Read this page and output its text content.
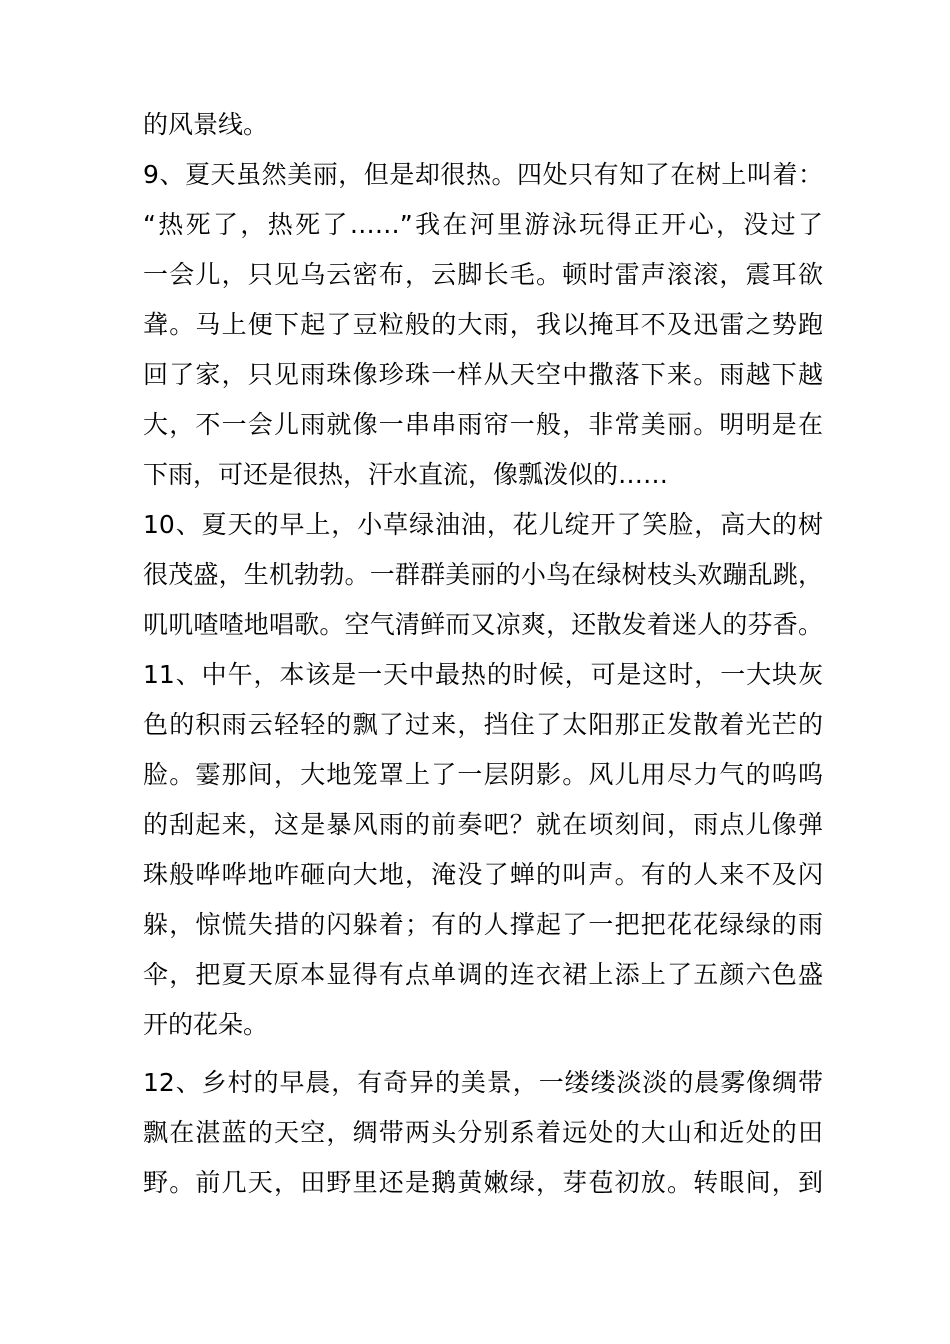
的风景线。
9、夏天虽然美丽，但是却很热。四处只有知了在树上叫着：
“热死了，热死了……”我在河里游泳玩得正开心，没过了
一会儿，只见乌云密布，云脚长毛。顿时雷声滚滚，震耳欲
聋。马上便下起了豆粒般的大雨，我以掩耳不及迅雷之势跑
回了家，只见雨珠像珍珠一样从天空中撒落下来。雨越下越
大，不一会儿雨就像一串串雨帘一般，非常美丽。明明是在
下雨，可还是很热，汗水直流，像瓢泼似的……
10、夏天的早上，小草绿油油，花儿绽开了笑脸，高大的树
很茂盛，生机勃勃。一群群美丽的小鸟在绿树枝头欢蹦乱跳，
叽叽喳喳地唱歌。空气清鲜而又凉爽，还散发着迷人的芬香。
11、中午，本该是一天中最热的时候，可是这时，一大块灰
色的积雨云轻轻的飘了过来，挡住了太阳那正发散着光芒的
脸。霎那间，大地笼罩上了一层阴影。风儿用尽力气的呜呜
的刮起来，这是暴风雨的前奏吧？就在顷刻间，雨点儿像弹
珠般哗哗地咋砸向大地，淹没了蝉的叫声。有的人来不及闪
躲，惊慌失措的闪躲着；有的人撑起了一把把花花绿绿的雨
伞，把夏天原本显得有点单调的连衣裙上添上了五颜六色盛
开的花朵。
12、乡村的早晨，有奇异的美景，一缕缕淡淡的晨雾像绸带
飘在湛蓝的天空，绸带两头分别系着远处的大山和近处的田
野。前几天，田野里还是鹅黄嫩绿，芽苞初放。转眼间，到
